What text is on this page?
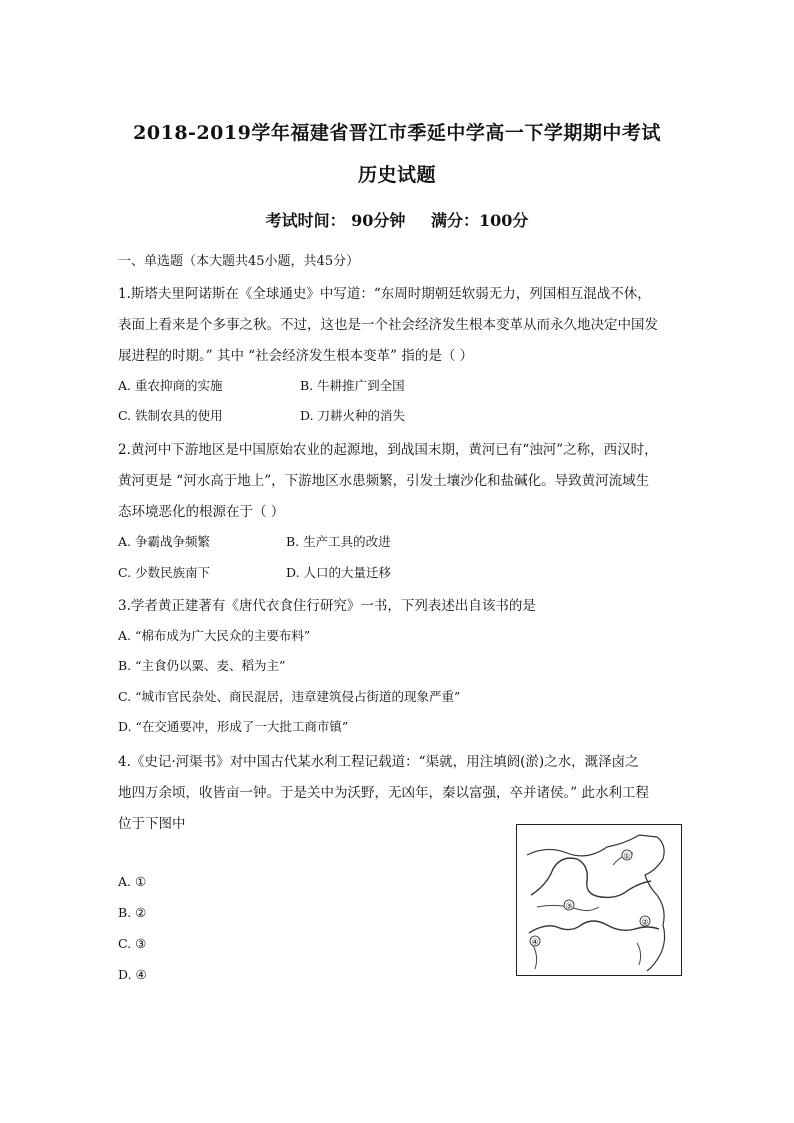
2018-2019学年福建省晋江市季延中学高一下学期期中考试
历史试题
考试时间： 90分钟 满分：100分
一、单选题（本大题共45小题，共45分）
1.斯塔夫里阿诺斯在《全球通史》中写道：“东周时期朝廷软弱无力，列国相互混战不休，
表面上看来是个多事之秋。不过，这也是一个社会经济发生根本变革从而永久地决定中国发
展进程的时期。” 其中 “社会经济发生根本变革” 指的是（ ）
A. 重农抑商的实施	B. 牛耕推广到全国
C. 铁制农具的使用	D. 刀耕火种的消失
2.黄河中下游地区是中国原始农业的起源地，到战国末期，黄河已有“浊河”之称，西汉时，
黄河更是 “河水高于地上”，下游地区水患频繁，引发土壤沙化和盐碱化。导致黄河流域生
态环境恶化的根源在于（ ）
A. 争霸战争频繁	B. 生产工具的改进
C. 少数民族南下	D. 人口的大量迁移
3.学者黄正建著有《唐代衣食住行研究》一书，下列表述出自该书的是
A. “棉布成为广大民众的主要布料”
B. “主食仍以粟、麦、稻为主”
C. “城市官民杂处、商民混居，违章建筑侵占街道的现象严重”
D. “在交通要冲，形成了一大批工商市镇”
4.《史记·河渠书》对中国古代某水利工程记载道：“渠就，用注填阏(淤)之水，溉泽卤之
地四万余顷，收皆亩一钟。于是关中为沃野，无凶年，秦以富强，卒并诸侯。” 此水利工程
位于下图中
A. ①
B. ②
C. ③
D. ④
①
②
③
④
